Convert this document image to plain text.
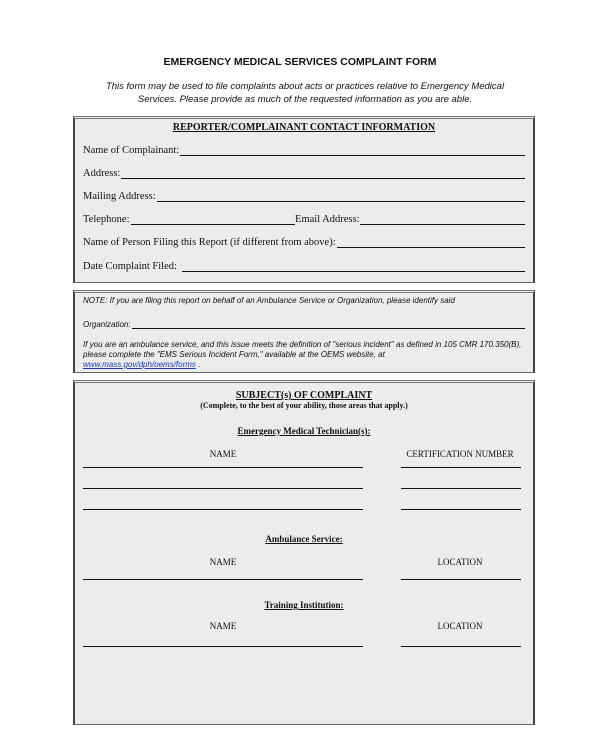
EMERGENCY MEDICAL SERVICES COMPLAINT FORM
This form may be used to file complaints about acts or practices relative to Emergency Medical Services. Please provide as much of the requested information as you are able.
REPORTER/COMPLAINANT CONTACT INFORMATION
Name of Complainant:
Address:
Mailing Address:
Telephone:	Email Address:
Name of Person Filing this Report (if different from above):
Date Complaint Filed:
NOTE: If you are filing this report on behalf of an Ambulance Service or Organization, please identify said
Organization:
If you are an ambulance service, and this issue meets the definition of "serious incident" as defined in 105 CMR 170.350(B), please complete the "EMS Serious Incident Form," available at the OEMS website, at
www.mass.gov/dph/oems/forms .
SUBJECT(s) OF COMPLAINT
(Complete, to the best of your ability, those areas that apply.)
Emergency Medical Technician(s):
NAME	CERTIFICATION NUMBER
Ambulance Service:
NAME	LOCATION
Training Institution:
NAME	LOCATION
